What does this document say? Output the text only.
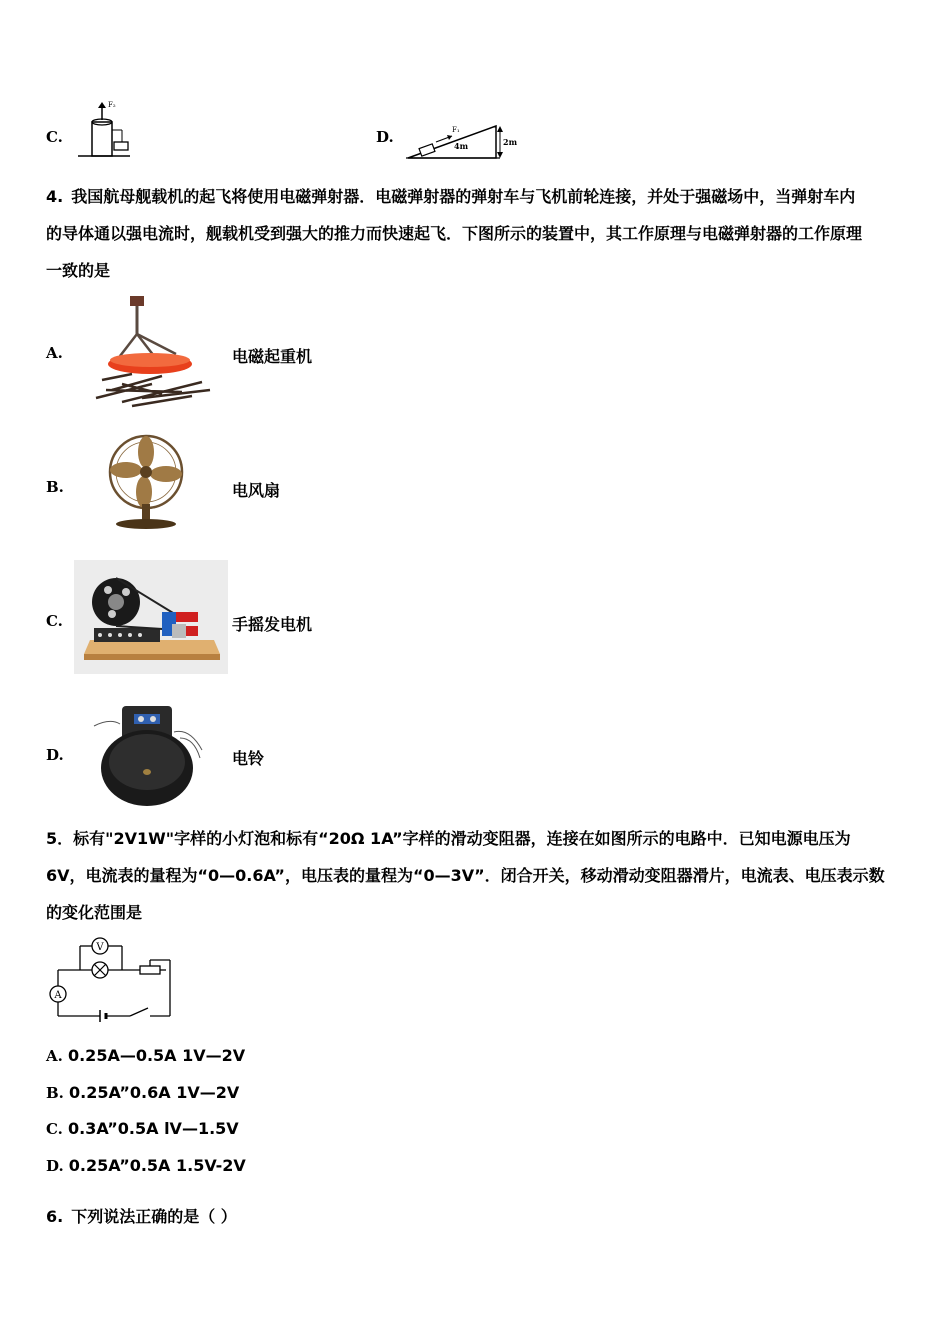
C.
F₂
D.	F₁
4m	2m
4. 我国航母舰载机的起飞将使用电磁弹射器．电磁弹射器的弹射车与飞机前轮连接，并处于强磁场中，当弹射车内
的导体通以强电流时，舰载机受到强大的推力而快速起飞．下图所示的装置中，其工作原理与电磁弹射器的工作原理
一致的是
A.	电磁起重机
B.	电风扇
C.	手摇发电机
D.	电铃
5．标有"2V1W"字样的小灯泡和标有“20Ω 1A”字样的滑动变阻器，连接在如图所示的电路中．已知电源电压为
6V，电流表的量程为“0—0.6A”，电压表的量程为“0—3V”．闭合开关，移动滑动变阻器滑片，电流表、电压表示数
的变化范围是
A
V
A. 0.25A—0.5A 1V—2V
B. 0.25A”0.6A 1V—2V
C. 0.3A”0.5A lV—1.5V
D. 0.25A”0.5A 1.5V-2V
6. 下列说法正确的是（ ）
